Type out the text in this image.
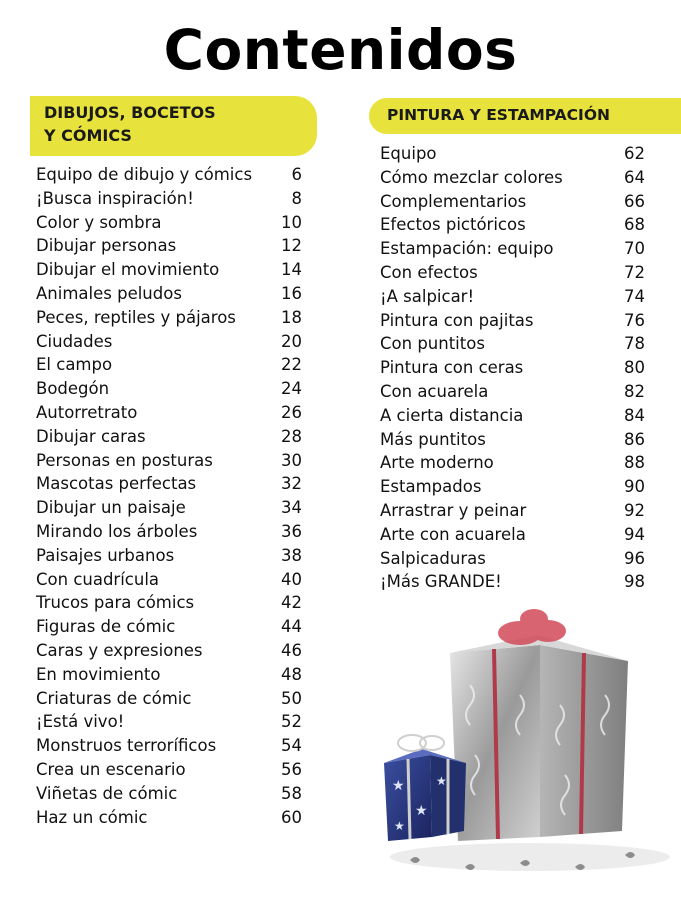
Contenidos
DIBUJOS, BOCETOS
Y CÓMICS
PINTURA Y ESTAMPACIÓN
Equipo de dibujo y cómics	6
¡Busca inspiración!	8
Color y sombra	10
Dibujar personas	12
Dibujar el movimiento	14
Animales peludos	16
Peces, reptiles y pájaros	18
Ciudades	20
El campo	22
Bodegón	24
Autorretrato	26
Dibujar caras	28
Personas en posturas	30
Mascotas perfectas	32
Dibujar un paisaje	34
Mirando los árboles	36
Paisajes urbanos	38
Con cuadrícula	40
Trucos para cómics	42
Figuras de cómic	44
Caras y expresiones	46
En movimiento	48
Criaturas de cómic	50
¡Está vivo!	52
Monstruos terroríficos	54
Crea un escenario	56
Viñetas de cómic	58
Haz un cómic	60
Equipo	62
Cómo mezclar colores	64
Complementarios	66
Efectos pictóricos	68
Estampación: equipo	70
Con efectos	72
¡A salpicar!	74
Pintura con pajitas	76
Con puntitos	78
Pintura con ceras	80
Con acuarela	82
A cierta distancia	84
Más puntitos	86
Arte moderno	88
Estampados	90
Arrastrar y peinar	92
Arte con acuarela	94
Salpicaduras	96
¡Más GRANDE!	98
★
★
★
★
